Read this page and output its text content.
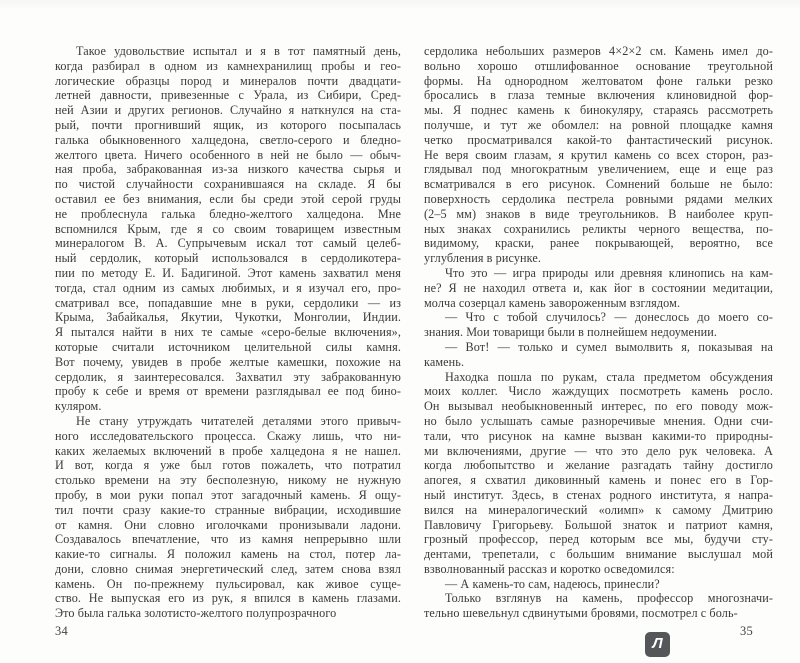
Такое удовольствие испытал и я в тот памятный день,
когда разбирал в одном из камнехранилищ пробы и гео-
логические образцы пород и минералов почти двадцати-
летней давности, привезенные с Урала, из Сибири, Сред-
ней Азии и других регионов. Случайно я наткнулся на ста-
рый, почти прогнивший ящик, из которого посыпалась
галька обыкновенного халцедона, светло-серого и бледно-
желтого цвета. Ничего особенного в ней не было — обыч-
ная проба, забракованная из-за низкого качества сырья и
по чистой случайности сохранившаяся на складе. Я бы
оставил ее без внимания, если бы среди этой серой груды
не проблеснула галька бледно-желтого халцедона. Мне
вспомнился Крым, где я со своим товарищем известным
минералогом В. А. Супрычевым искал тот самый целеб-
ный сердолик, который использовался в сердоликотера-
пии по методу Е. И. Бадигиной. Этот камень захватил меня
тогда, стал одним из самых любимых, и я изучал его, про-
сматривал все, попадавшие мне в руки, сердолики — из
Крыма, Забайкалья, Якутии, Чукотки, Монголии, Индии.
Я пытался найти в них те самые «серо-белые включения»,
которые считали источником целительной силы камня.
Вот почему, увидев в пробе желтые камешки, похожие на
сердолик, я заинтересовался. Захватил эту забракованную
пробу к себе и время от времени разглядывал ее под бино-
куляром.
Не стану утруждать читателей деталями этого привыч-
ного исследовательского процесса. Скажу лишь, что ни-
каких желаемых включений в пробе халцедона я не нашел.
И вот, когда я уже был готов пожалеть, что потратил
столько времени на эту бесполезную, никому не нужную
пробу, в мои руки попал этот загадочный камень. Я ощу-
тил почти сразу какие-то странные вибрации, исходившие
от камня. Они словно иголочками пронизывали ладони.
Создавалось впечатление, что из камня непрерывно шли
какие-то сигналы. Я положил камень на стол, потер ла-
дони, словно снимая энергетический след, затем снова взял
камень. Он по-прежнему пульсировал, как живое суще-
ство. Не выпуская его из рук, я впился в камень глазами.
Это была галька золотисто-желтого полупрозрачного
сердолика небольших размеров 4×2×2 см. Камень имел до-
вольно хорошо отшлифованное основание треугольной
формы. На однородном желтоватом фоне гальки резко
бросались в глаза темные включения клиновидной фор-
мы. Я поднес камень к бинокуляру, стараясь рассмотреть
получше, и тут же обомлел: на ровной площадке камня
четко просматривался какой-то фантастический рисунок.
Не веря своим глазам, я крутил камень со всех сторон, раз-
глядывал под многократным увеличением, еще и еще раз
всматривался в его рисунок. Сомнений больше не было:
поверхность сердолика пестрела ровными рядами мелких
(2–5 мм) знаков в виде треугольников. В наиболее круп-
ных знаках сохранились реликты черного вещества, по-
видимому, краски, ранее покрывающей, вероятно, все
углубления в рисунке.
Что это — игра природы или древняя клинопись на кам-
не? Я не находил ответа и, как йог в состоянии медитации,
молча созерцал камень завороженным взглядом.
— Что с тобой случилось? — донеслось до моего со-
знания. Мои товарищи были в полнейшем недоумении.
— Вот! — только и сумел вымолвить я, показывая на
камень.
Находка пошла по рукам, стала предметом обсуждения
моих коллег. Число жаждущих посмотреть камень росло.
Он вызывал необыкновенный интерес, по его поводу мож-
но было услышать самые разноречивые мнения. Одни счи-
тали, что рисунок на камне вызван какими-то природны-
ми включениями, другие — что это дело рук человека. А
когда любопытство и желание разгадать тайну достигло
апогея, я схватил диковинный камень и понес его в Гор-
ный институт. Здесь, в стенах родного института, я напра-
вился на минералогический «олимп» к самому Дмитрию
Павловичу Григорьеву. Большой знаток и патриот камня,
грозный профессор, перед которым все мы, будучи сту-
дентами, трепетали, с большим внимание выслушал мой
взволнованный рассказ и коротко осведомился:
— А камень-то сам, надеюсь, принесли?
Только взглянув на камень, профессор многозначи-
тельно шевельнул сдвинутыми бровями, посмотрел с боль-
34	35
Л
